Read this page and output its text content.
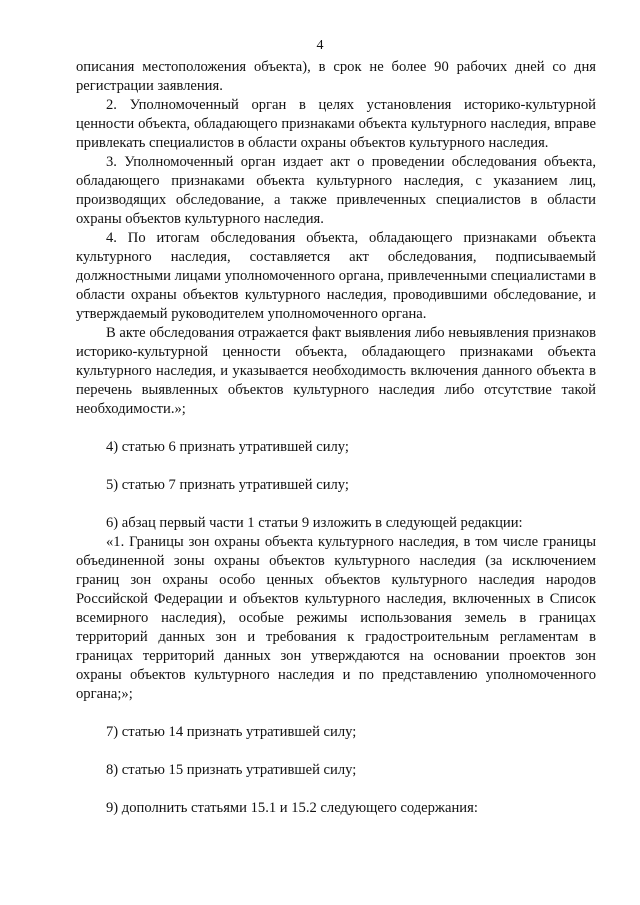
4

описания местоположения объекта), в срок не более 90 рабочих дней со дня регистрации заявления.

2. Уполномоченный орган в целях установления историко-культурной ценности объекта, обладающего признаками объекта культурного наследия, вправе привлекать специалистов в области охраны объектов культурного наследия.

3. Уполномоченный орган издает акт о проведении обследования объекта, обладающего признаками объекта культурного наследия, с указанием лиц, производящих обследование, а также привлеченных специалистов в области охраны объектов культурного наследия.

4. По итогам обследования объекта, обладающего признаками объекта культурного наследия, составляется акт обследования, подписываемый должностными лицами уполномоченного органа, привлеченными специалистами в области охраны объектов культурного наследия, проводившими обследование, и утверждаемый руководителем уполномоченного органа.

В акте обследования отражается факт выявления либо невыявления признаков историко-культурной ценности объекта, обладающего признаками объекта культурного наследия, и указывается необходимость включения данного объекта в перечень выявленных объектов культурного наследия либо отсутствие такой необходимости.»;

4) статью 6 признать утратившей силу;

5) статью 7 признать утратившей силу;

6) абзац первый части 1 статьи 9 изложить в следующей редакции:

«1. Границы зон охраны объекта культурного наследия, в том числе границы объединенной зоны охраны объектов культурного наследия (за исключением границ зон охраны особо ценных объектов культурного наследия народов Российской Федерации и объектов культурного наследия, включенных в Список всемирного наследия), особые режимы использования земель в границах территорий данных зон и требования к градостроительным регламентам в границах территорий данных зон утверждаются на основании проектов зон охраны объектов культурного наследия и по представлению уполномоченного органа;»;

7) статью 14 признать утратившей силу;

8) статью 15 признать утратившей силу;

9) дополнить статьями 15.1 и 15.2 следующего содержания:
